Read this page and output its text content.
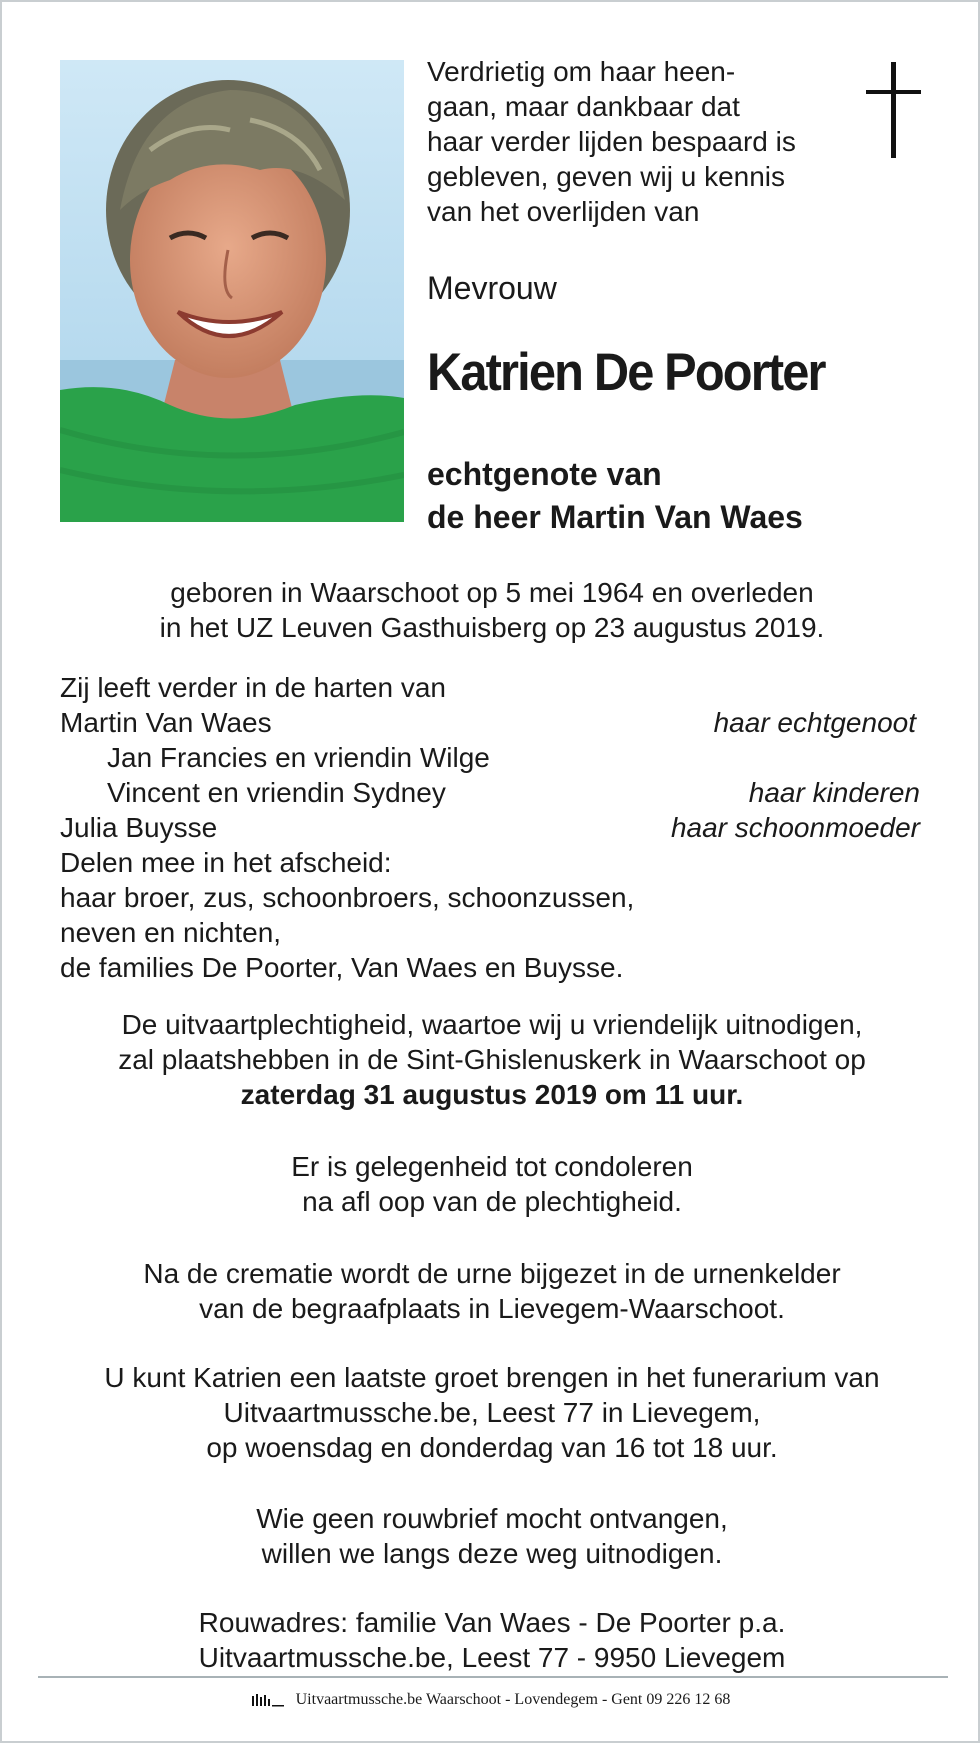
Verdrietig om haar heen-
gaan, maar dankbaar dat
haar verder lijden bespaard is
gebleven, geven wij u kennis
van het overlijden van
Mevrouw
Katrien De Poorter
echtgenote van
de heer Martin Van Waes
geboren in Waarschoot op 5 mei 1964 en overleden
in het UZ Leuven Gasthuisberg op 23 augustus 2019.
Zij leeft verder in de harten van
Martin Van Waes	haar echtgenoot
Jan Francies en vriendin Wilge
Vincent en vriendin Sydney	haar kinderen
Julia Buysse	haar schoonmoeder
Delen mee in het afscheid:
haar broer, zus, schoonbroers, schoonzussen,
neven en nichten,
de families De Poorter, Van Waes en Buysse.
De uitvaartplechtigheid, waartoe wij u vriendelijk uitnodigen,
zal plaatshebben in de Sint-Ghislenuskerk in Waarschoot op
zaterdag 31 augustus 2019 om 11 uur.
Er is gelegenheid tot condoleren
na afl oop van de plechtigheid.
Na de crematie wordt de urne bijgezet in de urnenkelder
van de begraafplaats in Lievegem-Waarschoot.
U kunt Katrien een laatste groet brengen in het funerarium van
Uitvaartmussche.be, Leest 77 in Lievegem,
op woensdag en donderdag van 16 tot 18 uur.
Wie geen rouwbrief mocht ontvangen,
willen we langs deze weg uitnodigen.
Rouwadres: familie Van Waes - De Poorter p.a.
Uitvaartmussche.be, Leest 77 - 9950 Lievegem
Uitvaartmussche.be Waarschoot - Lovendegem - Gent 09 226 12 68
